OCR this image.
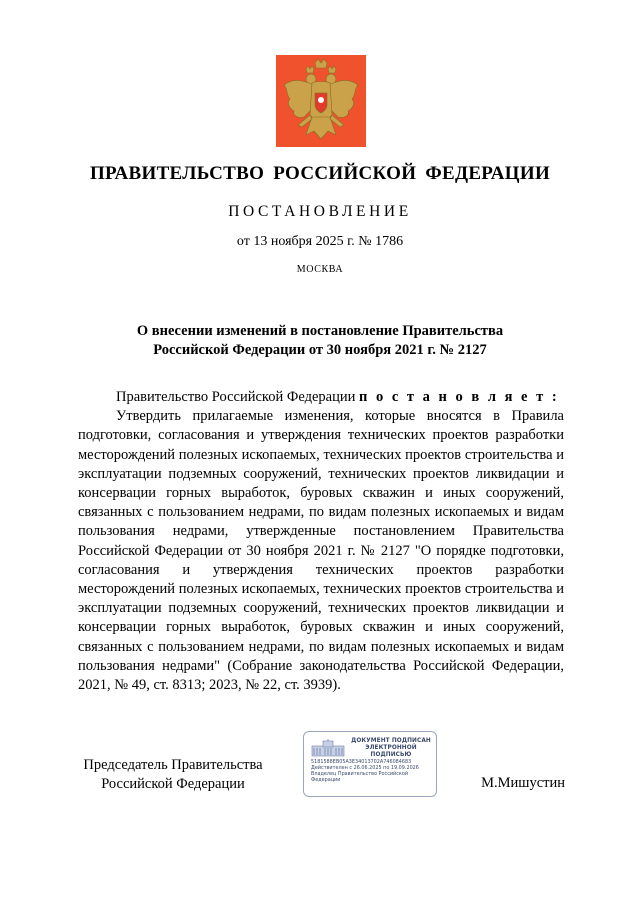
ПРАВИТЕЛЬСТВО РОССИЙСКОЙ ФЕДЕРАЦИИ
ПОСТАНОВЛЕНИЕ
от 13 ноября 2025 г. № 1786
МОСКВА
О внесении изменений в постановление Правительства
Российской Федерации от 30 ноября 2021 г. № 2127

Правительство Российской Федерации п о с т а н о в л я е т :

Утвердить прилагаемые изменения, которые вносятся в Правила подготовки, согласования и утверждения технических проектов разработки месторождений полезных ископаемых, технических проектов строительства и эксплуатации подземных сооружений, технических проектов ликвидации и консервации горных выработок, буровых скважин и иных сооружений, связанных с пользованием недрами, по видам полезных ископаемых и видам пользования недрами, утвержденные постановлением Правительства Российской Федерации от 30 ноября 2021 г. № 2127 "О порядке подготовки, согласования и утверждения технических проектов разработки месторождений полезных ископаемых, технических проектов строительства и эксплуатации подземных сооружений, технических проектов ликвидации и консервации горных выработок, буровых скважин и иных сооружений, связанных с пользованием недрами, по видам полезных ископаемых и видам пользования недрами" (Собрание законодательства Российской Федерации, 2021, № 49, ст. 8313; 2023, № 22, ст. 3939).

Председатель Правительства
Российской Федерации
ДОКУМЕНТ ПОДПИСАН
ЭЛЕКТРОННОЙ ПОДПИСЬЮ
5181588EB05A3E34013702A746084683
Действителен с 26.06.2025 по 19.09.2026
Владелец Правительство Российской
Федерации	М.Мишустин
